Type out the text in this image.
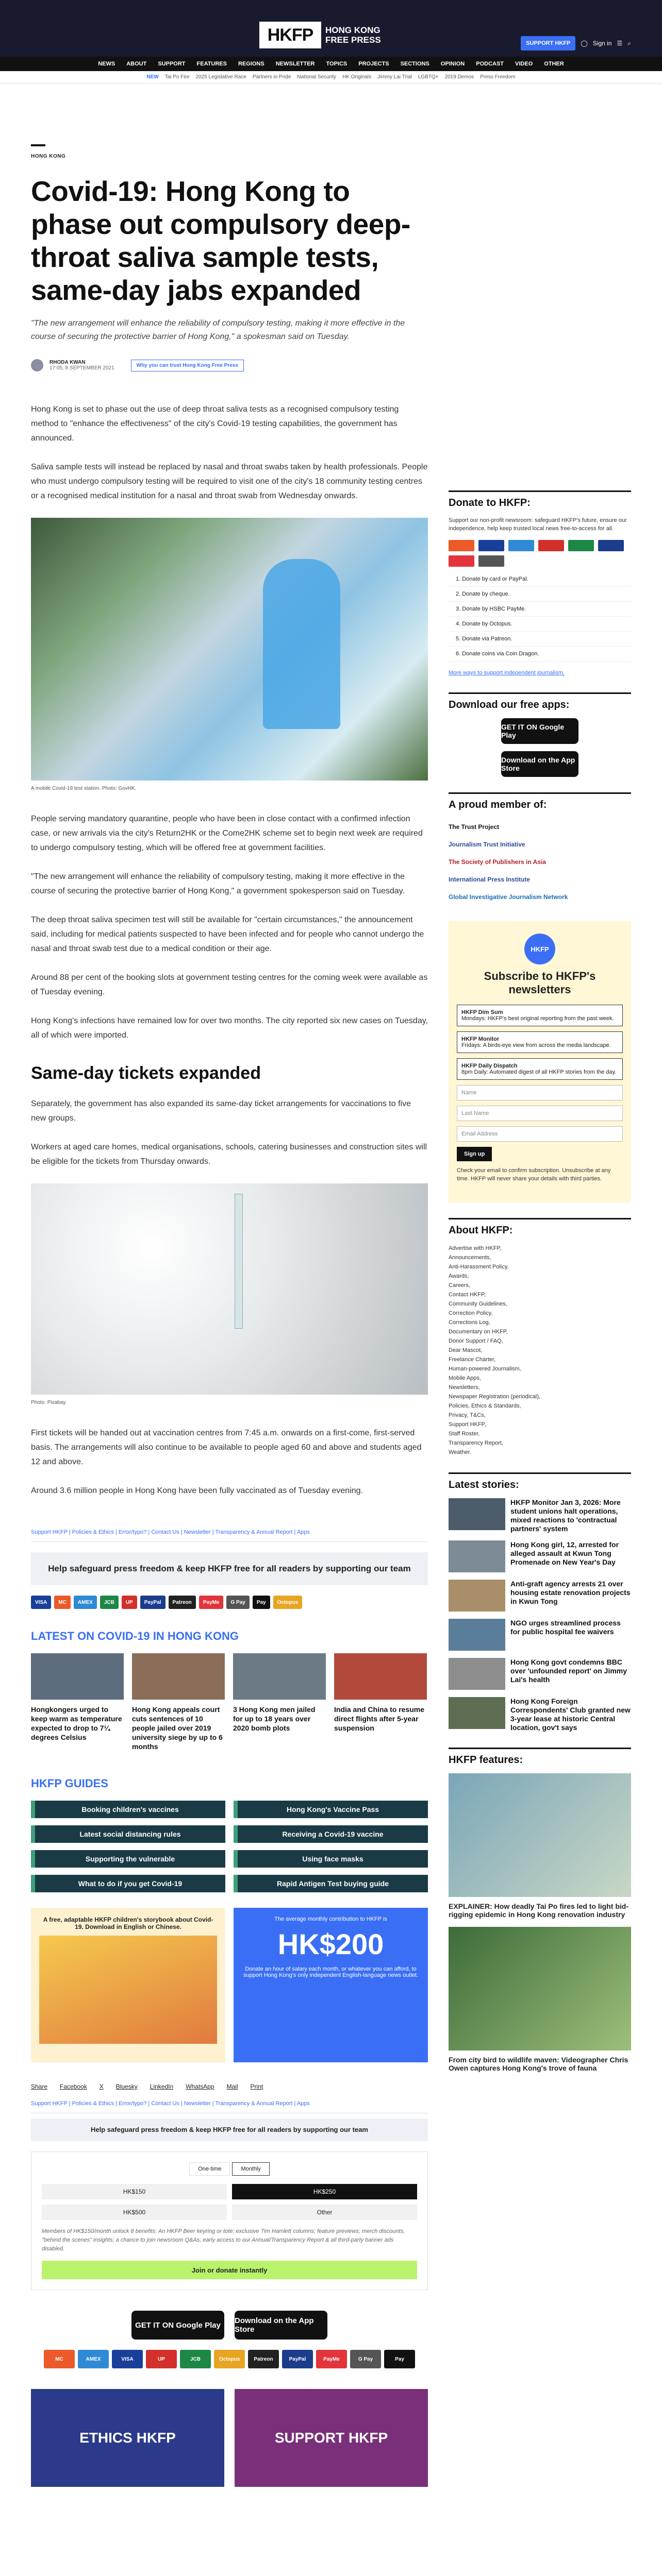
HKFP	HONG KONG FREE PRESS	SUPPORT HKFP	◯ Sign in ☰ ⌕
NEWS ABOUT SUPPORT FEATURES REGIONS NEWSLETTER TOPICS PROJECTS SECTIONS OPINION PODCAST VIDEO OTHER
NEW Tai Po Fire 2025 Legislative Race Partners in Pride National Security HK Originals Jimmy Lai Trial LGBTQ+ 2019 Demos Press Freedom
HONG KONG
Covid-19: Hong Kong to phase out compulsory deep-throat saliva sample tests, same-day jabs expanded

"The new arrangement will enhance the reliability of compulsory testing, making it more effective in the course of securing the protective barrier of Hong Kong," a spokesman said on Tuesday.

RHODA KWAN
17:05, 8 SEPTEMBER 2021	Why you can trust Hong Kong Free Press

Hong Kong is set to phase out the use of deep throat saliva tests as a recognised compulsory testing method to "enhance the effectiveness" of the city's Covid-19 testing capabilities, the government has announced.

Saliva sample tests will instead be replaced by nasal and throat swabs taken by health professionals. People who must undergo compulsory testing will be required to visit one of the city's 18 community testing centres or a recognised medical institution for a nasal and throat swab from Wednesday onwards.

A mobile Covid-19 test station. Photo: GovHK.

People serving mandatory quarantine, people who have been in close contact with a confirmed infection case, or new arrivals via the city's Return2HK or the Come2HK scheme set to begin next week are required to undergo compulsory testing, which will be offered free at government facilities.

"The new arrangement will enhance the reliability of compulsory testing, making it more effective in the course of securing the protective barrier of Hong Kong," a government spokesperson said on Tuesday.

The deep throat saliva specimen test will still be available for "certain circumstances," the announcement said, including for medical patients suspected to have been infected and for people who cannot undergo the nasal and throat swab test due to a medical condition or their age.

Around 88 per cent of the booking slots at government testing centres for the coming week were available as of Tuesday evening.

Hong Kong's infections have remained low for over two months. The city reported six new cases on Tuesday, all of which were imported.

Same-day tickets expanded

Separately, the government has also expanded its same-day ticket arrangements for vaccinations to five new groups.

Workers at aged care homes, medical organisations, schools, catering businesses and construction sites will be eligible for the tickets from Thursday onwards.

Photo: Pixabay.

First tickets will be handed out at vaccination centres from 7:45 a.m. onwards on a first-come, first-served basis. The arrangements will also continue to be available to people aged 60 and above and students aged 12 and above.

Around 3.6 million people in Hong Kong have been fully vaccinated as of Tuesday evening.

Support HKFP | Policies & Ethics | Error/typo? | Contact Us | Newsletter | Transparency & Annual Report | Apps
Help safeguard press freedom & keep HKFP free for all readers by supporting our team
VISA	MC	AMEX	JCB	UP	PayPal	Patreon	PayMe	G Pay	Pay	Octopus
LATEST ON COVID-19 IN HONG KONG
Hongkongers urged to keep warm as temperature expected to drop to 7¼ degrees Celsius
Hong Kong appeals court cuts sentences of 10 people jailed over 2019 university siege by up to 6 months
3 Hong Kong men jailed for up to 18 years over 2020 bomb plots
India and China to resume direct flights after 5-year suspension
HKFP GUIDES
Booking children's vaccines	Hong Kong's Vaccine Pass
Latest social distancing rules	Receiving a Covid-19 vaccine
Supporting the vulnerable	Using face masks
What to do if you get Covid-19	Rapid Antigen Test buying guide
A free, adaptable HKFP children's storybook about Covid-19. Download in English or Chinese.
The average monthly contribution to HKFP is
HK$200
Donate an hour of salary each month, or whatever you can afford, to support Hong Kong's only independent English-language news outlet.
Share Facebook X Bluesky LinkedIn WhatsApp Mail Print
Support HKFP | Policies & Ethics | Error/typo? | Contact Us | Newsletter | Transparency & Annual Report | Apps
Help safeguard press freedom & keep HKFP free for all readers by supporting our team
One-time	Monthly
HK$150	HK$250
HK$500	Other
Members of HK$150/month unlock 8 benefits: An HKFP Beer keyring or tote; exclusive Tim Hamlett columns; feature previews; merch discounts, "behind the scenes" insights; a chance to join newsroom Q&As; early access to our Annual/Transparency Report & all third-party banner ads disabled.
Join or donate instantly
GET IT ON Google Play	Download on the App Store
MC	AMEX	VISA	UP	JCB	Octopus	Patreon	PayPal	PayMe	G Pay	Pay
ETHICS HKFP	SUPPORT HKFP
Donate to HKFP:
Support our non-profit newsroom: safeguard HKFP's future, ensure our independence, help keep trusted local news free-to-access for all.
1. Donate by card or PayPal.
2. Donate by cheque.
3. Donate by HSBC PayMe.
4. Donate by Octopus.
5. Donate via Patreon.
6. Donate coins via Coin Dragon.
More ways to support independent journalism.
Download our free apps:
GET IT ON Google Play
Download on the App Store
A proud member of:
The Trust Project
Journalism Trust Initiative
The Society of Publishers in Asia
International Press Institute
Global Investigative Journalism Network
HKFP
Subscribe to HKFP's newsletters
HKFP Dim Sum
Mondays: HKFP's best original reporting from the past week.
HKFP Monitor
Fridays: A birds-eye view from across the media landscape.
HKFP Daily Dispatch
8pm Daily: Automated digest of all HKFP stories from the day.
Name
Last Name
Email Address
Sign up
Check your email to confirm subscription. Unsubscribe at any time. HKFP will never share your details with third parties.
About HKFP:
Advertise with HKFP,
Announcements,
Anti-Harassment Policy,
Awards,
Careers,
Contact HKFP,
Community Guidelines,
Correction Policy,
Corrections Log,
Documentary on HKFP,
Donor Support / FAQ,
Dear Mascot,
Freelance Charter,
Human-powered Journalism,
Mobile Apps,
Newsletters,
Newspaper Registration (periodical),
Policies, Ethics & Standards,
Privacy, T&Cs,
Support HKFP,
Staff Roster,
Transparency Report,
Weather.
Latest stories:
HKFP Monitor Jan 3, 2026: More student unions halt operations, mixed reactions to 'contractual partners' system
Hong Kong girl, 12, arrested for alleged assault at Kwun Tong Promenade on New Year's Day
Anti-graft agency arrests 21 over housing estate renovation projects in Kwun Tong
NGO urges streamlined process for public hospital fee waivers
Hong Kong govt condemns BBC over 'unfounded report' on Jimmy Lai's health
Hong Kong Foreign Correspondents' Club granted new 3-year lease at historic Central location, gov't says
HKFP features:
EXPLAINER: How deadly Tai Po fires led to light bid-rigging epidemic in Hong Kong renovation industry
From city bird to wildlife maven: Videographer Chris Owen captures Hong Kong's trove of fauna
